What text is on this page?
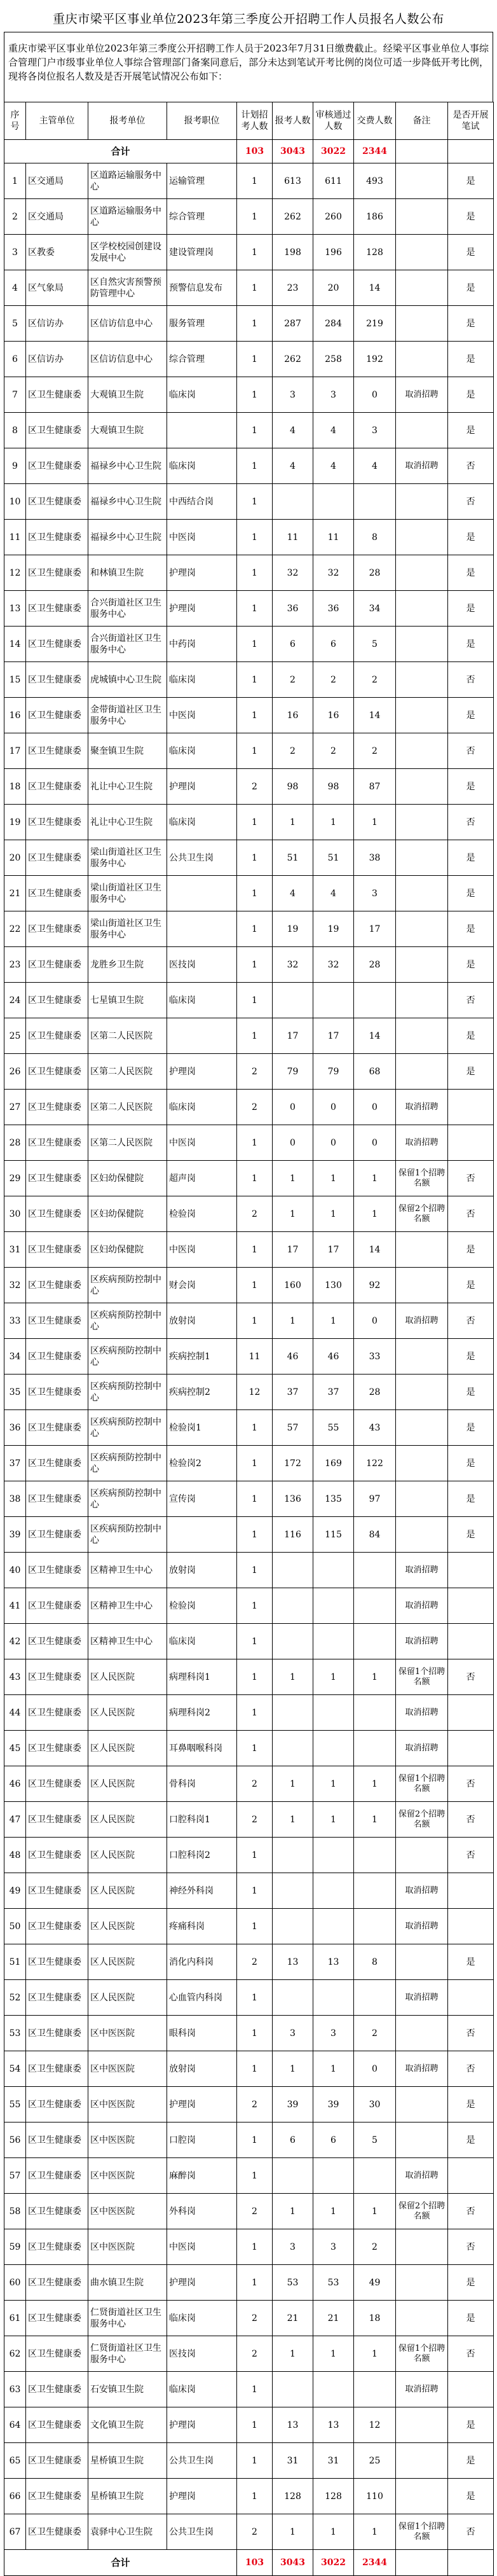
重庆市梁平区事业单位2023年第三季度公开招聘工作人员报名人数公布
重庆市梁平区事业单位2023年第三季度公开招聘工作人员于2023年7月31日缴费截止。经梁平区事业单位人事综合管理门户市级事业单位人事综合管理部门备案同意后，部分未达到笔试开考比例的岗位可适一步降低开考比例，现将各岗位报名人数及是否开展笔试情况公布如下：
序号	主管单位	报考单位	报考职位	计划招考人数	报考人数	审核通过人数	交费人数	备注	是否开展笔试
合计				103	3043	3022	2344		
1	区交通局	区道路运输服务中心	运输管理	1	613	611	493		是
2	区交通局	区道路运输服务中心	综合管理	1	262	260	186		是
3	区教委	区学校校园创建设发展中心	建设管理岗	1	198	196	128		是
4	区气象局	区自然灾害预警预防管理中心	预警信息发布	1	23	20	14		是
5	区信访办	区信访信息中心	服务管理	1	287	284	219		是
6	区信访办	区信访信息中心	综合管理	1	262	258	192		是
7	区卫生健康委	大观镇卫生院	临床岗	1	3	3	0	取消招聘	是
8	区卫生健康委	大观镇卫生院		1	4	4	3		是
9	区卫生健康委	福禄乡中心卫生院	临床岗	1	4	4	4	取消招聘	否
10	区卫生健康委	福禄乡中心卫生院	中西结合岗	1					否
11	区卫生健康委	福禄乡中心卫生院	中医岗	1	11	11	8		是
12	区卫生健康委	和林镇卫生院	护理岗	1	32	32	28		是
13	区卫生健康委	合兴街道社区卫生服务中心	护理岗	1	36	36	34		是
14	区卫生健康委	合兴街道社区卫生服务中心	中药岗	1	6	6	5		是
15	区卫生健康委	虎城镇中心卫生院	临床岗	1	2	2	2		否
16	区卫生健康委	金带街道社区卫生服务中心	中医岗	1	16	16	14		是
17	区卫生健康委	聚奎镇卫生院	临床岗	1	2	2	2		否
18	区卫生健康委	礼让中心卫生院	护理岗	2	98	98	87		是
19	区卫生健康委	礼让中心卫生院	临床岗	1	1	1	1		否
20	区卫生健康委	梁山街道社区卫生服务中心	公共卫生岗	1	51	51	38		是
21	区卫生健康委	梁山街道社区卫生服务中心		1	4	4	3		是
22	区卫生健康委	梁山街道社区卫生服务中心		1	19	19	17		是
23	区卫生健康委	龙胜乡卫生院	医技岗	1	32	32	28		是
24	区卫生健康委	七星镇卫生院	临床岗	1					否
25	区卫生健康委	区第二人民医院		1	17	17	14		是
26	区卫生健康委	区第二人民医院	护理岗	2	79	79	68		是
27	区卫生健康委	区第二人民医院	临床岗	2	0	0	0	取消招聘	
28	区卫生健康委	区第二人民医院	中医岗	1	0	0	0	取消招聘	
29	区卫生健康委	区妇幼保健院	超声岗	1	1	1	1	保留1个招聘名额	否
30	区卫生健康委	区妇幼保健院	检验岗	2	1	1	1	保留2个招聘名额	否
31	区卫生健康委	区妇幼保健院	中医岗	1	17	17	14		是
32	区卫生健康委	区疾病预防控制中心	财会岗	1	160	130	92		是
33	区卫生健康委	区疾病预防控制中心	放射岗	1	1	1	0	取消招聘	否
34	区卫生健康委	区疾病预防控制中心	疾病控制1	11	46	46	33		是
35	区卫生健康委	区疾病预防控制中心	疾病控制2	12	37	37	28		是
36	区卫生健康委	区疾病预防控制中心	检验岗1	1	57	55	43		是
37	区卫生健康委	区疾病预防控制中心	检验岗2	1	172	169	122		是
38	区卫生健康委	区疾病预防控制中心	宣传岗	1	136	135	97		是
39	区卫生健康委	区疾病预防控制中心		1	116	115	84		是
40	区卫生健康委	区精神卫生中心	放射岗	1				取消招聘	
41	区卫生健康委	区精神卫生中心	检验岗	1				取消招聘	
42	区卫生健康委	区精神卫生中心	临床岗	1				取消招聘	
43	区卫生健康委	区人民医院	病理科岗1	1	1	1	1	保留1个招聘名额	否
44	区卫生健康委	区人民医院	病理科岗2	1				取消招聘	
45	区卫生健康委	区人民医院	耳鼻咽喉科岗	1				取消招聘	
46	区卫生健康委	区人民医院	骨科岗	2	1	1	1	保留1个招聘名额	否
47	区卫生健康委	区人民医院	口腔科岗1	2	1	1	1	保留2个招聘名额	否
48	区卫生健康委	区人民医院	口腔科岗2	1					否
49	区卫生健康委	区人民医院	神经外科岗	1				取消招聘	
50	区卫生健康委	区人民医院	疼痛科岗	1				取消招聘	
51	区卫生健康委	区人民医院	消化内科岗	2	13	13	8		是
52	区卫生健康委	区人民医院	心血管内科岗	1				取消招聘	
53	区卫生健康委	区中医医院	眼科岗	1	3	3	2		否
54	区卫生健康委	区中医医院	放射岗	1	1	1	0	取消招聘	否
55	区卫生健康委	区中医医院	护理岗	2	39	39	30		是
56	区卫生健康委	区中医医院	口腔岗	1	6	6	5		是
57	区卫生健康委	区中医医院	麻醉岗	1				取消招聘	
58	区卫生健康委	区中医医院	外科岗	2	1	1	1	保留2个招聘名额	否
59	区卫生健康委	区中医医院	中医岗	1	3	3	2		否
60	区卫生健康委	曲水镇卫生院	护理岗	1	53	53	49		是
61	区卫生健康委	仁贤街道社区卫生服务中心	临床岗	2	21	21	18		是
62	区卫生健康委	仁贤街道社区卫生服务中心	医技岗	2	1	1	1	保留1个招聘名额	否
63	区卫生健康委	石安镇卫生院	临床岗	1				取消招聘	
64	区卫生健康委	文化镇卫生院	护理岗	1	13	13	12		是
65	区卫生健康委	星桥镇卫生院	公共卫生岗	1	31	31	25		是
66	区卫生健康委	星桥镇卫生院	护理岗	1	128	128	110		是
67	区卫生健康委	袁驿中心卫生院	公共卫生岗	2	1	1	1	保留1个招聘名额	否
合计				103	3043	3022	2344		
